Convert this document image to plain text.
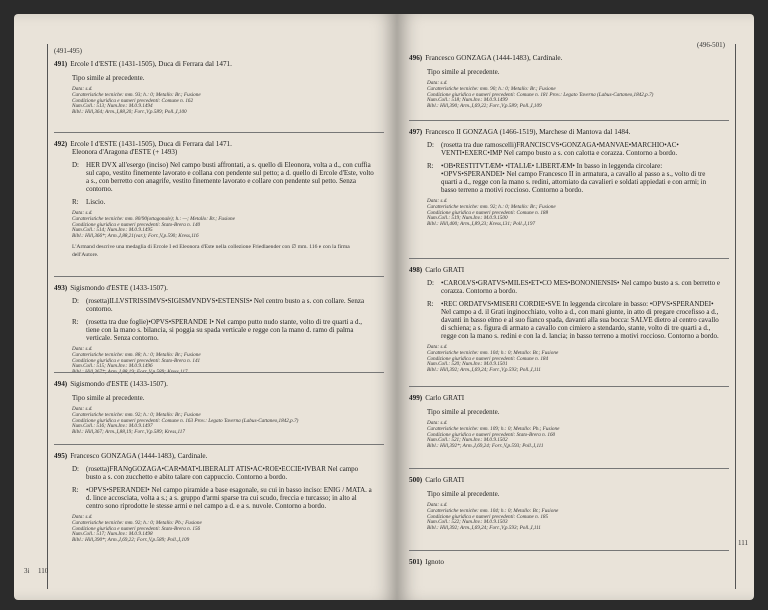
(491-495)
3i 110
491) Ercole I d'ESTE (1431-1505), Duca di Ferrara dal 1471.
Tipo simile al precedente.
Data: s.d.
Caratteristiche tecniche: mm. 93; h.: 0; Metallo: Br.; Fusione
Condizione giuridica e numeri precedenti: Comune n. 162
Num.Coll.: 513; Num.Inv.: M.0.9.1494
Bibl.: Hill,364; Arm.,I,88,20; Forr.,V,p.589; Poll.,I,100
492) Ercole I d'ESTE (1431-1505), Duca di Ferrara dal 1471.
Eleonora d'Aragona d'ESTE (+ 1493)
D:	HER DVX all'esergo (inciso) Nel campo busti affrontati, a s. quello di Eleonora, volta a d., con cuffia sul capo, vestito finemente lavorato e collana con pendente sul petto; a d. quello di Ercole d'Este, volto a s., con berretto con anagrife, vestito finemente lavorato e collare con pendente sul petto. Senza contorno.
R:	Liscio.
Data: s.d.
Caratteristiche tecniche: mm. 80/90(ottagonale); h.: —; Metallo: Br.; Fusione
Condizione giuridica e numeri precedenti: Stato-Brera n. 140
Num.Coll.: 514; Num.Inv.: M.0.9.1495
Bibl.: Hill,366*; Arm.,I,88,21(var.); Forr.,V,p.590; Kress,116
L'Armand descrive una medaglia di Ercole I ed Eleonora d'Este nella collezione Friedlaender con ∅ mm. 116 e con la firma dell'Autore.
493) Sigismondo d'ESTE (1433-1507).
D:	(rosetta)ILLVSTRISSIMVS•SIGISMVNDVS•ESTENSIS• Nel centro busto a s. con collare. Senza contorno.
R:	(rosetta tra due foglie)•OPVS•SPERANDE I• Nel campo putto nudo stante, volto di tre quarti a d., tiene con la mano s. bilancia, si poggia su spada verticale e regge con la mano d. ramo di palma verticale. Senza contorno.
Data: s.d.
Caratteristiche tecniche: mm. 88; h.: 0; Metallo: Br.; Fusione
Condizione giuridica e numeri precedenti: Stato-Brera n. 141
Num.Coll.: 515; Num.Inv.: M.0.9.1496
Bibl.: Hill,367*; Arm.,I,88,19; Forr.,V,p.589; Kress,117
494) Sigismondo d'ESTE (1433-1507).
Tipo simile al precedente.
Data: s.d.
Caratteristiche tecniche: mm. 92; h.: 0; Metallo: Br.; Fusione
Condizione giuridica e numeri precedenti: Comune n. 163 Prov.: Legato Taverna (Labus-Cattaneo,1842,p.7)
Num.Coll.: 516; Num.Inv.: M.0.9.1497
Bibl.: Hill,367; Arm.,I,88,19; Forr.,V,p.589; Kress,117
495) Francesco GONZAGA (1444-1483), Cardinale.
D:	(rosetta)FRANꝯGOZAGA•CAR•MAT•LIBERALIT ATIS•AC•ROE•ECCIE•IVBAR Nel campo busto a s. con zucchetto e abito talare con cappuccio. Contorno a bordo.
R:	•OPVS•SPERANDEI• Nel campo piramide a base esagonale, su cui in basso inciso: ENIG / MATA. a d. lince accosciata, volta a s.; a s. gruppo d'armi sparse tra cui scudo, freccia e turcasso; in alto al centro sono riprodotte le stesse armi e nel campo a d. e a s. nuvole. Contorno a bordo.
Data: s.d.
Caratteristiche tecniche: mm. 92; h.: 0; Metallo: Pb.; Fusione
Condizione giuridica e numeri precedenti: Stato-Brera n. 156
Num.Coll.: 517; Num.Inv.: M.0.9.1498
Bibl.: Hill,390*; Arm.,I,69,22; Forr.,V,p.589; Poll.,I,109
(496-501)
111
496) Francesco GONZAGA (1444-1483), Cardinale.
Tipo simile al precedente.
Data: s.d.
Caratteristiche tecniche: mm. 90; h.: 0; Metallo: Br.; Fusione
Condizione giuridica e numeri precedenti: Comune n. 181 Prov.: Legato Taverna (Labus-Cattaneo,1842,p.7)
Num.Coll.: 518; Num.Inv.: M.0.9.1499
Bibl.: Hill,390; Arm.,I,69,22; Forr.,V,p.589; Poll.,I,109
497) Francesco II GONZAGA (1466-1519), Marchese di Mantova dal 1484.
D:	(rosetta tra due ramoscelli)FRANCISCVS•GONZAGA•MANVAE•MARCHIO•AC• VENTI•EXERC•IMP Nel campo busto a s. con calotta e corazza. Contorno a bordo.
R:	•OB•RESTITVTÆM• •ITALIÆ• LIBERTÆM• In basso in leggenda circolare: •OPVS•SPERANDEI• Nel campo Francesco II in armatura, a cavallo al passo a s., volto di tre quarti a d., regge con la mano s. redini, attorniato da cavalieri e soldati appiedati e con armi; in basso terreno a motivi roccioso. Contorno a bordo.
Data: s.d.
Caratteristiche tecniche: mm. 92; h.: 0; Metallo: Br.; Fusione
Condizione giuridica e numeri precedenti: Comune n. 188
Num.Coll.: 519; Num.Inv.: M.0.9.1500
Bibl.: Hill,400; Arm.,I,89,23; Kress,131; Poll.,I,197
498) Carlo GRATI
D:	•CAROLVS•GRATVS•MILES•ET•CO MES•BONONIENSIS• Nel campo busto a s. con berretto e corazza. Contorno a bordo.
R:	•REC ORDATVS•MISERI CORDIE•SVE In leggenda circolare in basso: •OPVS•SPERANDEI• Nel campo a d. il Grati inginocchiato, volto a d., con mani giunte, in atto di pregare crocefisso a d., davanti in basso elmo e al suo fianco spada, davanti alla sua bocca: SALVE dietro al centro cavallo di schiena; a s. figura di armato a cavallo con cimiero a stendardo, stante, volto di tre quarti a d., regge con la mano s. redini e con la d. lancia; in basso terreno a motivi roccioso. Contorno a bordo.
Data: s.d.
Caratteristiche tecniche: mm. 104; h.: 0; Metallo: Br.; Fusione
Condizione giuridica e numeri precedenti: Comune n. 184
Num.Coll.: 520; Num.Inv.: M.0.9.1501
Bibl.: Hill,392; Arm.,I,69,24; Forr.,V,p.593; Poll.,I,111
499) Carlo GRATI
Tipo simile al precedente.
Data: s.d.
Caratteristiche tecniche: mm. 109; h.: 0; Metallo: Pb.; Fusione
Condizione giuridica e numeri precedenti: Stato-Brera n. 160
Num.Coll.: 521; Num.Inv.: M.0.9.1502
Bibl.: Hill,392*; Arm.,I,69,24; Forr.,V,p.593; Poll.,I,111
500) Carlo GRATI
Tipo simile al precedente.
Data: s.d.
Caratteristiche tecniche: mm. 104; h.: 0; Metallo: Br.; Fusione
Condizione giuridica e numeri precedenti: Comune n. 185
Num.Coll.: 522; Num.Inv.: M.0.9.1503
Bibl.: Hill,392; Arm.,I,69,24; Forr.,V,p.593; Poll.,I,111
501) Ignoto
